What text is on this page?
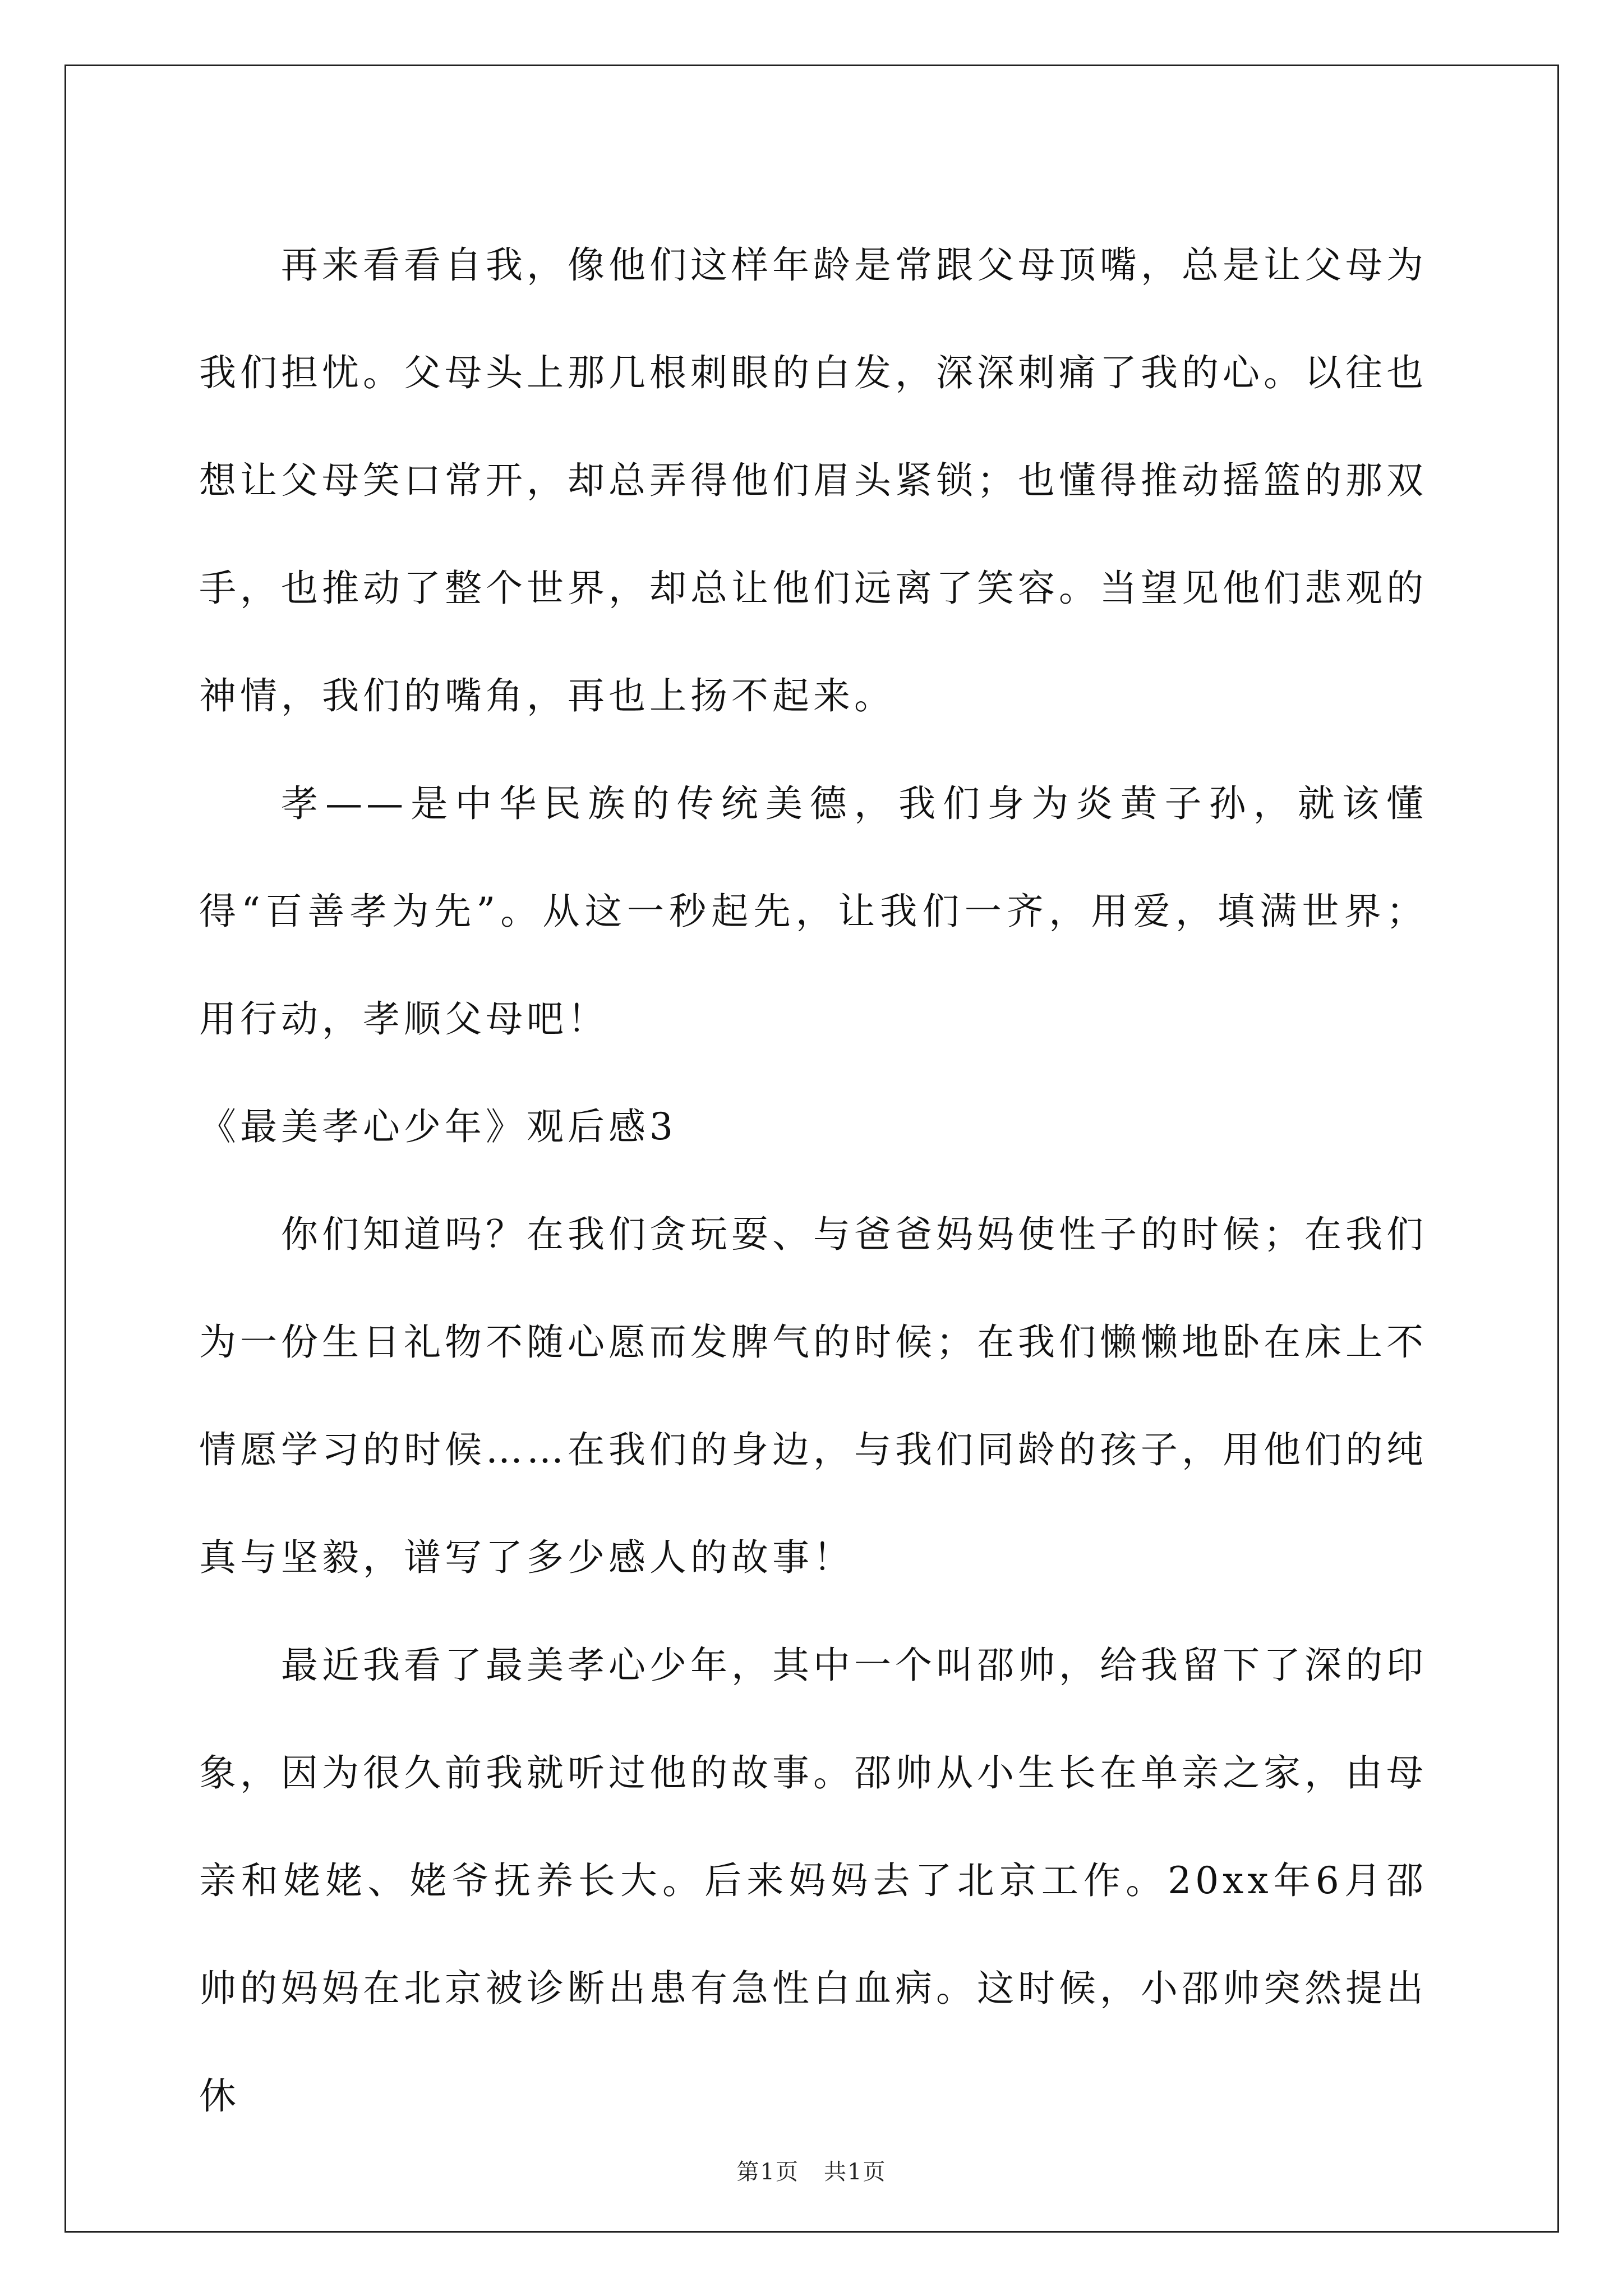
再来看看自我，像他们这样年龄是常跟父母顶嘴，总是让父母为我们担忧。父母头上那几根刺眼的白发，深深刺痛了我的心。以往也想让父母笑口常开，却总弄得他们眉头紧锁；也懂得推动摇篮的那双手，也推动了整个世界，却总让他们远离了笑容。当望见他们悲观的神情，我们的嘴角，再也上扬不起来。

孝——是中华民族的传统美德，我们身为炎黄子孙，就该懂得“百善孝为先”。从这一秒起先，让我们一齐，用爱，填满世界；用行动，孝顺父母吧！

《最美孝心少年》观后感3

你们知道吗？在我们贪玩耍、与爸爸妈妈使性子的时候；在我们为一份生日礼物不随心愿而发脾气的时候；在我们懒懒地卧在床上不情愿学习的时候……在我们的身边，与我们同龄的孩子，用他们的纯真与坚毅，谱写了多少感人的故事！

最近我看了最美孝心少年，其中一个叫邵帅，给我留下了深的印象，因为很久前我就听过他的故事。邵帅从小生长在单亲之家，由母亲和姥姥、姥爷抚养长大。后来妈妈去了北京工作。20xx年6月邵帅的妈妈在北京被诊断出患有急性白血病。这时候，小邵帅突然提出休

第1页 共1页
